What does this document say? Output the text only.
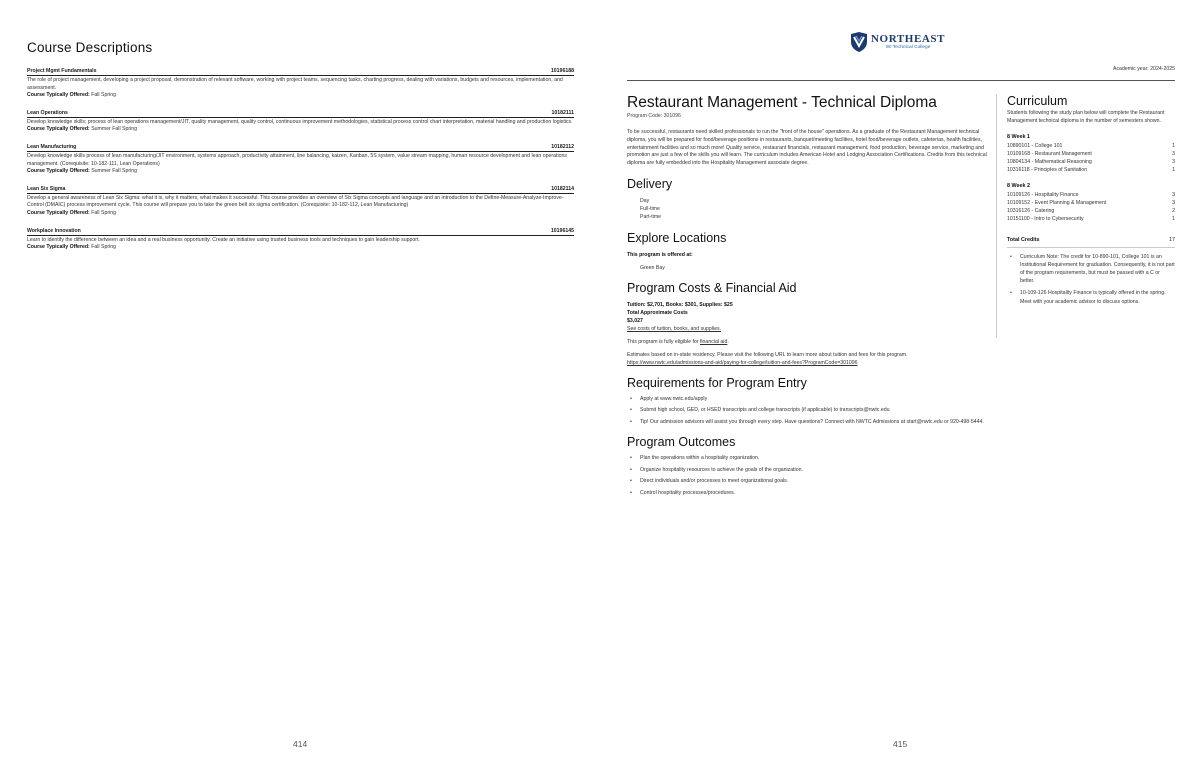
Course Descriptions
Project Mgmt Fundamentals	10196188
The role of project management, developing a project proposal, demonstration of relevant software, working with project teams, sequencing tasks, charting progress, dealing with variations, budgets and resources, implementation, and assessment.
Course Typically Offered: Fall Spring
Lean Operations	10182111
Develop knowledge skills; process of lean operations management/JIT, quality management, quality control, continuous improvement methodologies, statistical process control chart interpretation, material handling and production logistics.
Course Typically Offered: Summer Fall Spring
Lean Manufacturing	10182112
Develop knowledge skills process of lean manufacturing/JIT environment, systems approach, productivity attainment, line balancing, kaizen, Kanban, 5S system, value stream mapping, human resource development and lean operations management. (Corequisite: 10-182-111, Lean Operations)
Course Typically Offered: Summer Fall Spring
Lean Six Sigma	10182114
Develop a general awareness of Lean Six Sigma: what it is, why it matters, what makes it successful. This course provides an overview of Six Sigma concepts and language and an introduction to the Define-Measure-Analyze-Improve-Control (DMAIC) process improvement cycle. This course will prepare you to take the green belt six sigma certification. (Corequisite: 10-182-112, Lean Manufacturing)
Course Typically Offered: Fall Spring
Workplace Innovation	10196145
Learn to identify the difference between an idea and a real business opportunity. Create an initiative using trusted business tools and techniques to gain leadership support.
Course Typically Offered: Fall Spring
414
NORTHEAST
WI Technical College
Academic year: 2024-2025
Restaurant Management - Technical Diploma
Program Code: 301096
To be successful, restaurants need skilled professionals to run the "front of the house" operations. As a graduate of the Restaurant Management technical diploma, you will be prepared for food/beverage positions in restaurants, banquet/meeting facilities, hotel food/beverage outlets, cafeterias, health facilities, entertainment facilities and so much more! Quality service, restaurant financials, restaurant management, food production, beverage service, marketing and promotion are just a few of the skills you will learn. The curriculum includes American Hotel and Lodging Association Certifications. Credits from this technical diploma are fully embedded into the Hospitality Management associate degree.
Delivery
Day
Full-time
Part-time
Explore Locations
This program is offered at:
Green Bay
Program Costs & Financial Aid
Tuition: $2,701, Books: $301, Supplies: $25
Total Approximate Costs
$3,027
See costs of tuition, books, and supplies.
This program is fully eligible for financial aid.
Estimates based on in-state residency. Please visit the following URL to learn more about tuition and fees for this program.
https://www.nwtc.edu/admissions-and-aid/paying-for-college/tuition-and-fees?ProgramCode=301096
Requirements for Program Entry
• Apply at www.nwtc.edu/apply
• Submit high school, GED, or HSED transcripts and college transcripts (if applicable) to transcripts@nwtc.edu
• Tip! Our admission advisors will assist you through every step. Have questions? Connect with NWTC Admissions at start@nwtc.edu or 920-498-5444.
Program Outcomes
• Plan the operations within a hospitality organization.
• Organize hospitality resources to achieve the goals of the organization.
• Direct individuals and/or processes to meet organizational goals.
• Control hospitality processes/procedures.
Curriculum
Students following the study plan below will complete the Restaurant Management technical diploma in the number of semesters shown.
8 Week 1
10890101 - College 101	1
10109168 - Restaurant Management	3
10804134 - Mathematical Reasoning	3
10316118 - Principles of Sanitation	1
8 Week 2
10109126 - Hospitality Finance	3
10109152 - Event Planning & Management	3
10316126 - Catering	2
10151100 - Intro to Cybersecurity	1
Total Credits	17
• Curriculum Note: The credit for 10-890-101, College 101 is an Institutional Requirement for graduation. Consequently, it is not part of the program requirements, but must be passed with a C or better.
• 10-109-126 Hospitality Finance is typically offered in the spring. Meet with your academic advisor to discuss options.
415
